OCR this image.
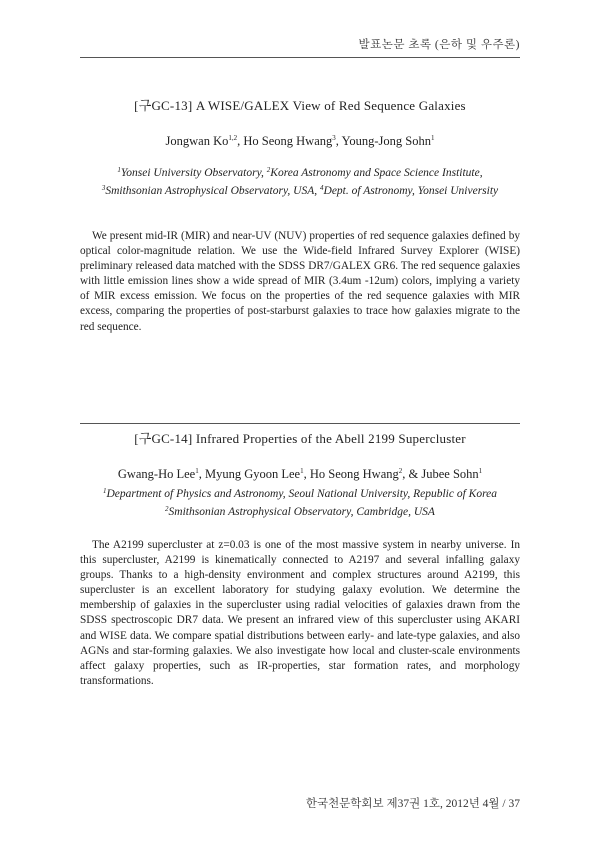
발표논문 초록 (은하 및 우주론)
[구GC-13] A WISE/GALEX View of Red Sequence Galaxies
Jongwan Ko$^{1,2}$, Ho Seong Hwang$^3$, Young-Jong Sohn$^1$
$^1$Yonsei University Observatory, $^2$Korea Astronomy and Space Science Institute,
$^3$Smithsonian Astrophysical Observatory, USA, $^4$Dept. of Astronomy, Yonsei University

We present mid-IR (MIR) and near-UV (NUV) properties of red sequence galaxies defined by optical color-magnitude relation. We use the Wide-field Infrared Survey Explorer (WISE) preliminary released data matched with the SDSS DR7/GALEX GR6. The red sequence galaxies with little emission lines show a wide spread of MIR (3.4um -12um) colors, implying a variety of MIR excess emission. We focus on the properties of the red sequence galaxies with MIR excess, comparing the properties of post-starburst galaxies to trace how galaxies migrate to the red sequence.

[구GC-14] Infrared Properties of the Abell 2199 Supercluster
Gwang-Ho Lee$^1$, Myung Gyoon Lee$^1$, Ho Seong Hwang$^2$, & Jubee Sohn$^1$
$^1$Department of Physics and Astronomy, Seoul National University, Republic of Korea
$^2$Smithsonian Astrophysical Observatory, Cambridge, USA

The A2199 supercluster at z=0.03 is one of the most massive system in nearby universe. In this supercluster, A2199 is kinematically connected to A2197 and several infalling galaxy groups. Thanks to a high-density environment and complex structures around A2199, this supercluster is an excellent laboratory for studying galaxy evolution. We determine the membership of galaxies in the supercluster using radial velocities of galaxies drawn from the SDSS spectroscopic DR7 data. We present an infrared view of this supercluster using AKARI and WISE data. We compare spatial distributions between early- and late-type galaxies, and also AGNs and star-forming galaxies. We also investigate how local and cluster-scale environments affect galaxy properties, such as IR-properties, star formation rates, and morphology transformations.

한국천문학회보 제37권 1호, 2012년 4월 / 37
